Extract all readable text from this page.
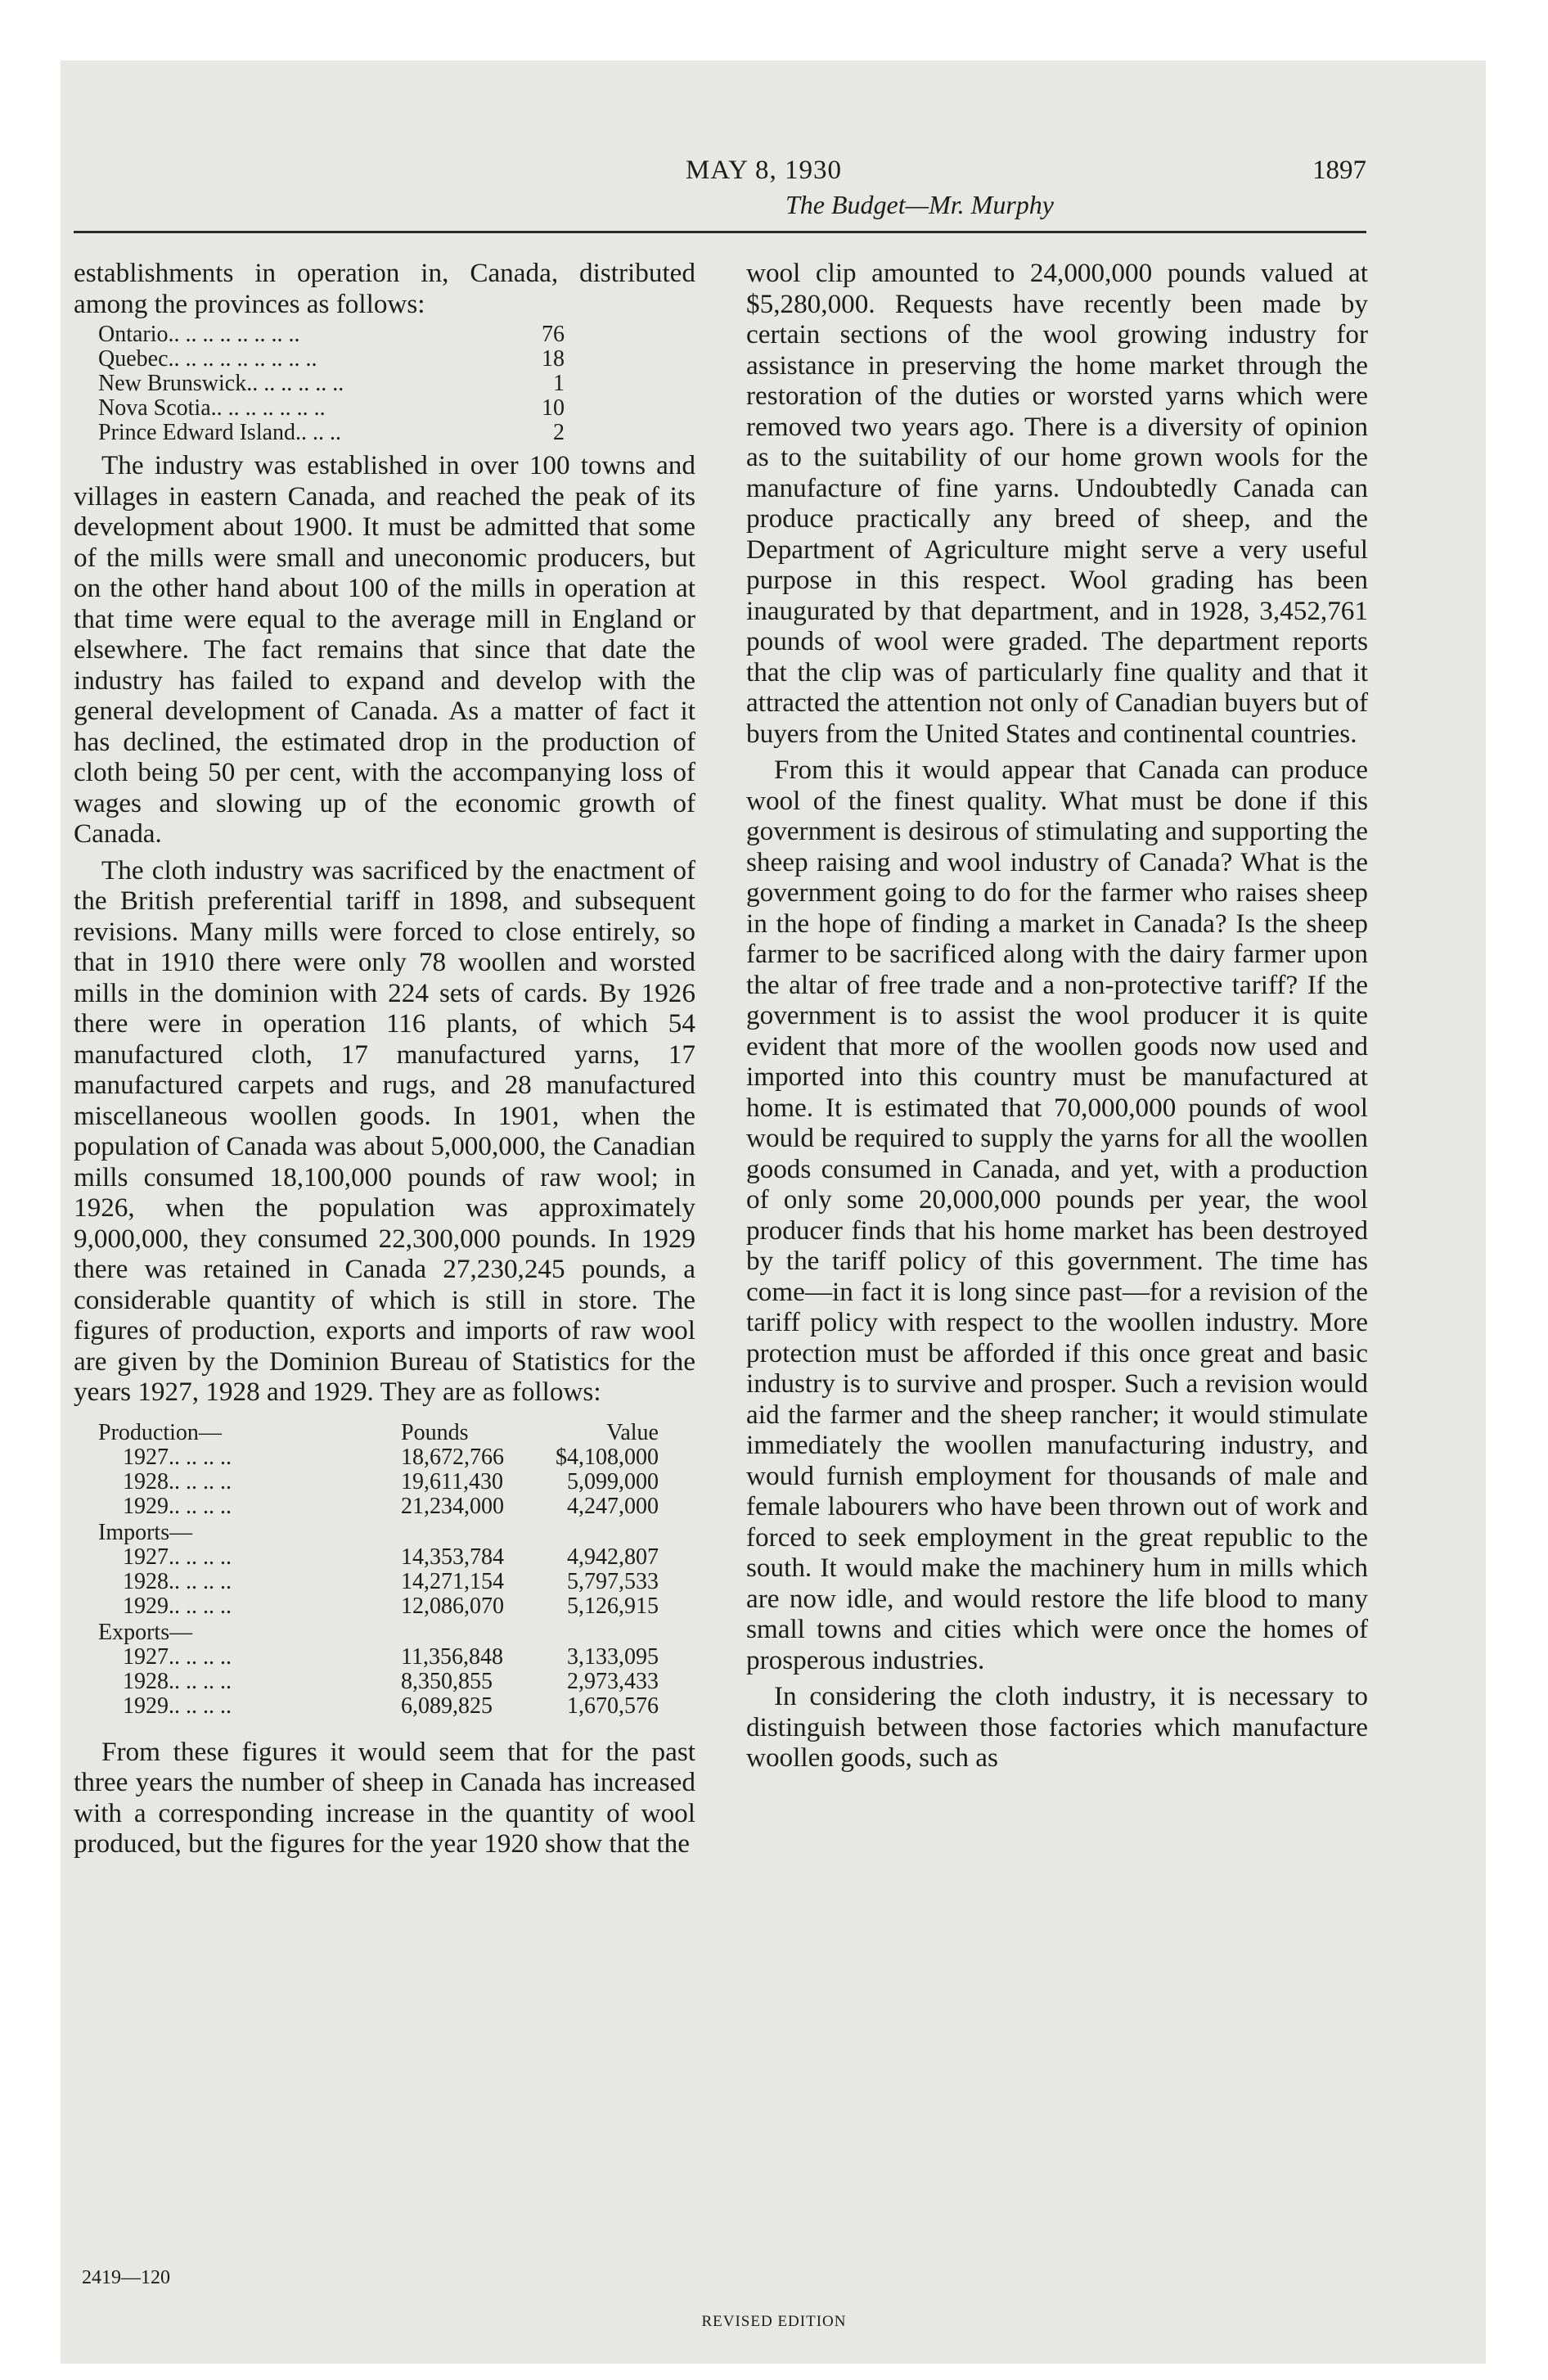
MAY 8, 1930	1897
The Budget—Mr. Murphy

establishments in operation in, Canada, distributed among the provinces as follows:

Ontario.. .. .. .. .. .. .. ..	76
Quebec.. .. .. .. .. .. .. .. ..	18
New Brunswick.. .. .. .. .. ..	1
Nova Scotia.. .. .. .. .. .. ..	10
Prince Edward Island.. .. ..	2

The industry was established in over 100 towns and villages in eastern Canada, and reached the peak of its development about 1900. It must be admitted that some of the mills were small and uneconomic producers, but on the other hand about 100 of the mills in operation at that time were equal to the average mill in England or elsewhere. The fact remains that since that date the industry has failed to expand and develop with the general development of Canada. As a matter of fact it has declined, the estimated drop in the production of cloth being 50 per cent, with the accompanying loss of wages and slowing up of the economic growth of Canada.

The cloth industry was sacrificed by the enactment of the British preferential tariff in 1898, and subsequent revisions. Many mills were forced to close entirely, so that in 1910 there were only 78 woollen and worsted mills in the dominion with 224 sets of cards. By 1926 there were in operation 116 plants, of which 54 manufactured cloth, 17 manufactured yarns, 17 manufactured carpets and rugs, and 28 manufactured miscellaneous woollen goods. In 1901, when the population of Canada was about 5,000,000, the Canadian mills consumed 18,100,000 pounds of raw wool; in 1926, when the population was approximately 9,000,000, they consumed 22,300,000 pounds. In 1929 there was retained in Canada 27,230,245 pounds, a considerable quantity of which is still in store. The figures of production, exports and imports of raw wool are given by the Dominion Bureau of Statistics for the years 1927, 1928 and 1929. They are as follows:

Production—	Pounds	Value
1927.. .. .. ..	18,672,766	$4,108,000
1928.. .. .. ..	19,611,430	5,099,000
1929.. .. .. ..	21,234,000	4,247,000
Imports—		
1927.. .. .. ..	14,353,784	4,942,807
1928.. .. .. ..	14,271,154	5,797,533
1929.. .. .. ..	12,086,070	5,126,915
Exports—		
1927.. .. .. ..	11,356,848	3,133,095
1928.. .. .. ..	8,350,855	2,973,433
1929.. .. .. ..	6,089,825	1,670,576

From these figures it would seem that for the past three years the number of sheep in Canada has increased with a corresponding increase in the quantity of wool produced, but the figures for the year 1920 show that the

wool clip amounted to 24,000,000 pounds valued at $5,280,000. Requests have recently been made by certain sections of the wool growing industry for assistance in preserving the home market through the restoration of the duties or worsted yarns which were removed two years ago. There is a diversity of opinion as to the suitability of our home grown wools for the manufacture of fine yarns. Undoubtedly Canada can produce practically any breed of sheep, and the Department of Agriculture might serve a very useful purpose in this respect. Wool grading has been inaugurated by that department, and in 1928, 3,452,761 pounds of wool were graded. The department reports that the clip was of particularly fine quality and that it attracted the attention not only of Canadian buyers but of buyers from the United States and continental countries.

From this it would appear that Canada can produce wool of the finest quality. What must be done if this government is desirous of stimulating and supporting the sheep raising and wool industry of Canada? What is the government going to do for the farmer who raises sheep in the hope of finding a market in Canada? Is the sheep farmer to be sacrificed along with the dairy farmer upon the altar of free trade and a non-protective tariff? If the government is to assist the wool producer it is quite evident that more of the woollen goods now used and imported into this country must be manufactured at home. It is estimated that 70,000,000 pounds of wool would be required to supply the yarns for all the woollen goods consumed in Canada, and yet, with a production of only some 20,000,000 pounds per year, the wool producer finds that his home market has been destroyed by the tariff policy of this government. The time has come—in fact it is long since past—for a revision of the tariff policy with respect to the woollen industry. More protection must be afforded if this once great and basic industry is to survive and prosper. Such a revision would aid the farmer and the sheep rancher; it would stimulate immediately the woollen manufacturing industry, and would furnish employment for thousands of male and female labourers who have been thrown out of work and forced to seek employment in the great republic to the south. It would make the machinery hum in mills which are now idle, and would restore the life blood to many small towns and cities which were once the homes of prosperous industries.

In considering the cloth industry, it is necessary to distinguish between those factories which manufacture woollen goods, such as

2419—120
REVISED EDITION
